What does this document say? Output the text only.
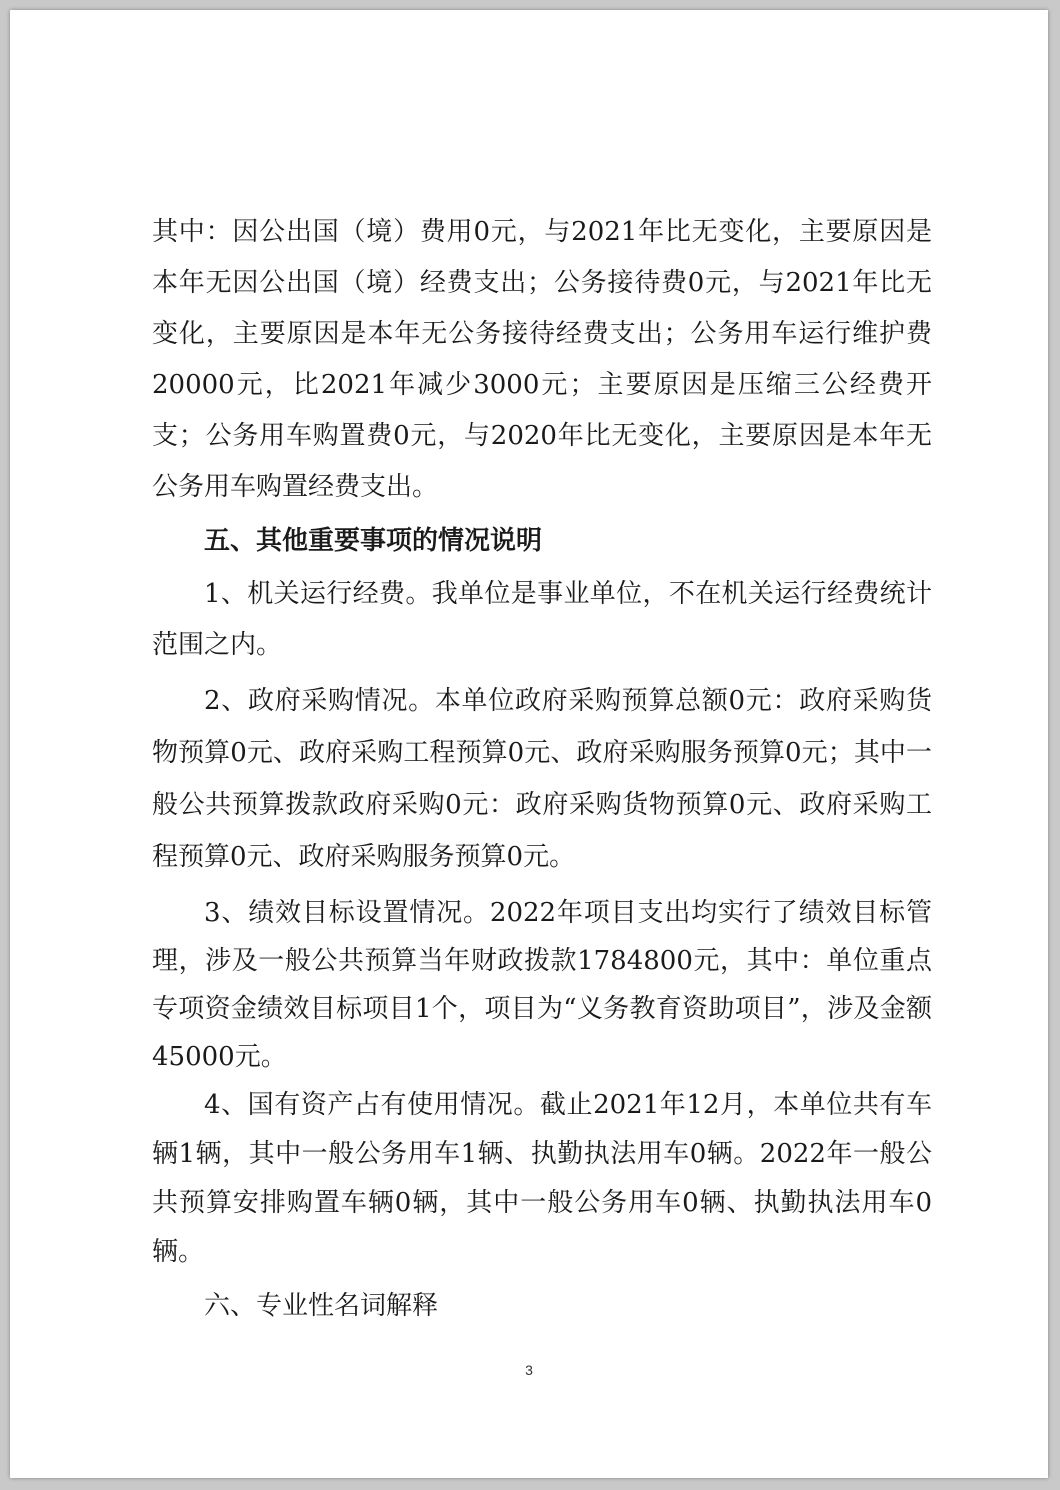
其中：因公出国（境）费用0元，与2021年比无变化，主要原因是本年无因公出国（境）经费支出；公务接待费0元，与2021年比无变化，主要原因是本年无公务接待经费支出；公务用车运行维护费20000元，比2021年减少3000元；主要原因是压缩三公经费开支；公务用车购置费0元，与2020年比无变化，主要原因是本年无公务用车购置经费支出。

五、其他重要事项的情况说明

1、机关运行经费。我单位是事业单位，不在机关运行经费统计范围之内。

2、政府采购情况。本单位政府采购预算总额0元：政府采购货物预算0元、政府采购工程预算0元、政府采购服务预算0元；其中一般公共预算拨款政府采购0元：政府采购货物预算0元、政府采购工程预算0元、政府采购服务预算0元。

3、绩效目标设置情况。2022年项目支出均实行了绩效目标管理，涉及一般公共预算当年财政拨款1784800元，其中：单位重点专项资金绩效目标项目1个，项目为“义务教育资助项目”，涉及金额45000元。

4、国有资产占有使用情况。截止2021年12月，本单位共有车辆1辆，其中一般公务用车1辆、执勤执法用车0辆。2022年一般公共预算安排购置车辆0辆，其中一般公务用车0辆、执勤执法用车0辆。

六、专业性名词解释

3
